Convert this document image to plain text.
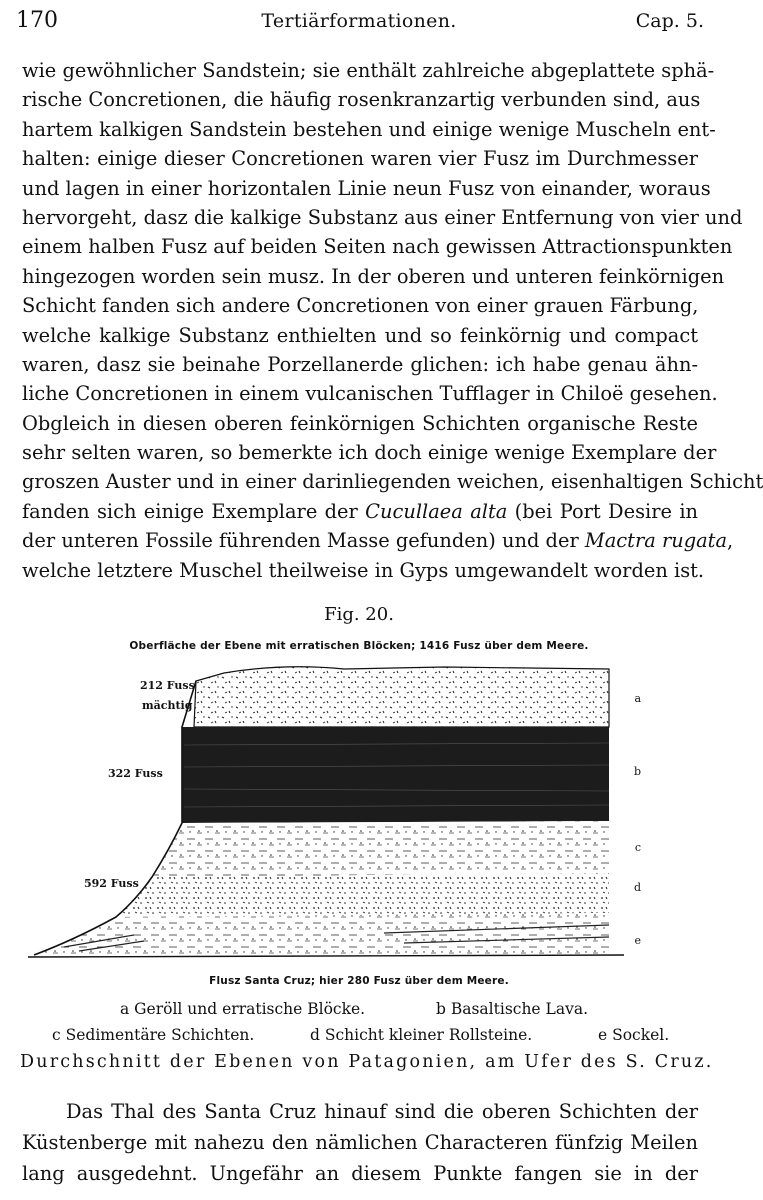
170	Tertiärformationen.	Cap. 5.
wie gewöhnlicher Sandstein; sie enthält zahlreiche abgeplattete sphä-
rische Concretionen, die häufig rosenkranzartig verbunden sind, aus
hartem kalkigen Sandstein bestehen und einige wenige Muscheln ent-
halten: einige dieser Concretionen waren vier Fusz im Durchmesser
und lagen in einer horizontalen Linie neun Fusz von einander, woraus
hervorgeht, dasz die kalkige Substanz aus einer Entfernung von vier und
einem halben Fusz auf beiden Seiten nach gewissen Attractionspunkten
hingezogen worden sein musz. In der oberen und unteren feinkörnigen
Schicht fanden sich andere Concretionen von einer grauen Färbung,
welche kalkige Substanz enthielten und so feinkörnig und compact
waren, dasz sie beinahe Porzellanerde glichen: ich habe genau ähn-
liche Concretionen in einem vulcanischen Tufflager in Chiloë gesehen.
Obgleich in diesen oberen feinkörnigen Schichten organische Reste
sehr selten waren, so bemerkte ich doch einige wenige Exemplare der
groszen Auster und in einer darinliegenden weichen, eisenhaltigen Schicht
fanden sich einige Exemplare der Cucullaea alta (bei Port Desire in
der unteren Fossile führenden Masse gefunden) und der Mactra rugata,
welche letztere Muschel theilweise in Gyps umgewandelt worden ist.
Fig. 20.
Oberfläche der Ebene mit erratischen Blöcken; 1416 Fusz über dem Meere.
212 Fuss
mächtig
322 Fuss
592 Fuss
a
b
c
d
e
Flusz Santa Cruz; hier 280 Fusz über dem Meere.
a Geröll und erratische Blöcke.	b Basaltische Lava.
c Sedimentäre Schichten.	d Schicht kleiner Rollsteine.	e Sockel.
Durchschnitt der Ebenen von Patagonien, am Ufer des S. Cruz.
Das Thal des Santa Cruz hinauf sind die oberen Schichten der
Küstenberge mit nahezu den nämlichen Characteren fünfzig Meilen
lang ausgedehnt. Ungefähr an diesem Punkte fangen sie in der
